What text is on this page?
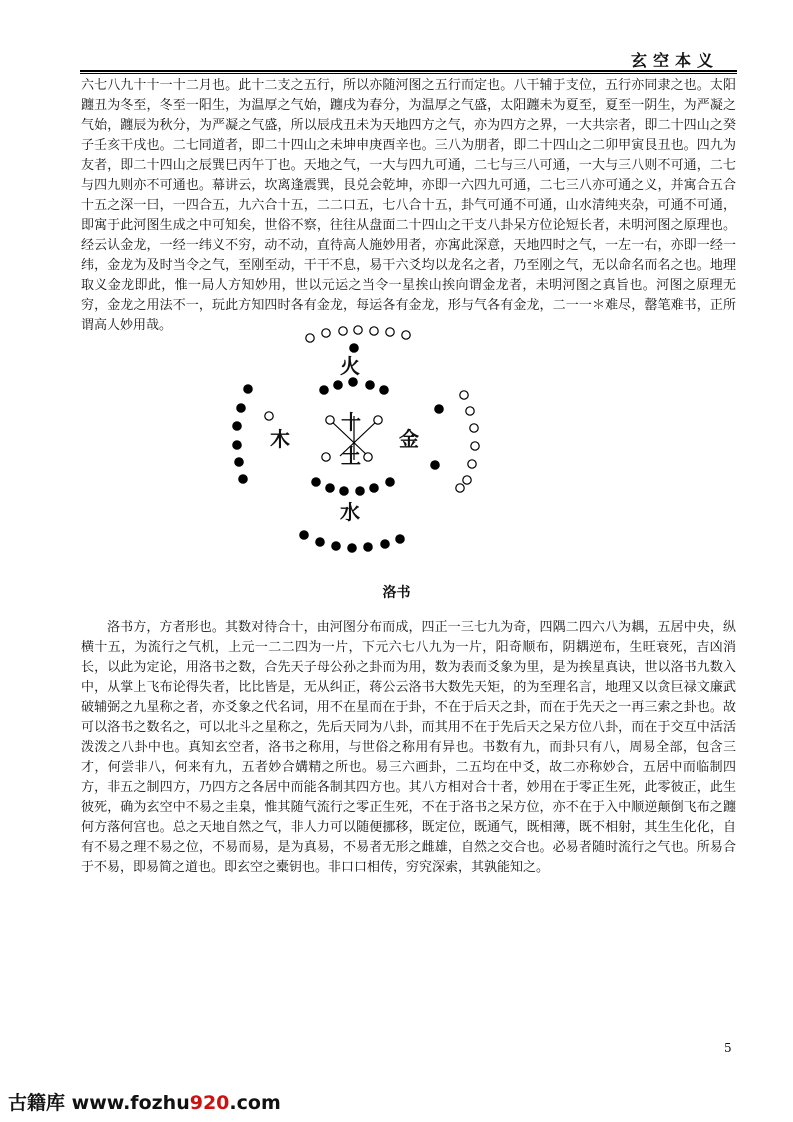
玄空本义
六七八九十十一十二月也。此十二支之五行，所以亦随河图之五行而定也。八干辅于支位，五行亦同隶之也。太阳躔丑为冬至，冬至一阳生，为温厚之气始，躔戌为春分，为温厚之气盛，太阳躔未为夏至，夏至一阴生，为严凝之气始，躔辰为秋分，为严凝之气盛，所以辰戌丑未为天地四方之气，亦为四方之界，一大共宗者，即二十四山之癸子壬亥干戌也。二七同道者，即二十四山之未坤申庚酉辛也。三八为朋者，即二十四山之二卯甲寅艮丑也。四九为友者，即二十四山之辰巽巳丙午丁也。天地之气，一大与四九可通，二七与三八可通，一大与三八则不可通，二七与四九则亦不可通也。幕讲云，坎离逢震巽，艮兑会乾坤，亦即一六四九可通，二七三八亦可通之义，并寓合五合十五之深一曰，一四合五，九六合十五，二二口五，七八合十五，卦气可通不可通，山水清纯夹杂，可通不可通，即寓于此河图生成之中可知矣，世俗不察，往往从盘面二十四山之干支八卦呆方位论短长者，未明河图之原理也。经云认金龙，一经一纬义不穷，动不动，直待高人施妙用者，亦寓此深意，天地四时之气，一左一右，亦即一经一纬，金龙为及时当令之气，至刚至动，干干不息，易干六爻均以龙名之者，乃至刚之气，无以命名而名之也。地理取义金龙即此，惟一局人方知妙用，世以元运之当令一星挨山挨向谓金龙者，未明河图之真旨也。河图之原理无穷，金龙之用法不一，玩此方知四时各有金龙，每运各有金龙，形与气各有金龙，二一一＊难尽，罄笔难书，正所谓高人妙用哉。
火
木	金
水
十
土
洛书
洛书方，方者形也。其数对待合十，由河图分布而成，四正一三七九为奇，四隅二四六八为耦，五居中央，纵横十五，为流行之气机，上元一二二四为一片，下元六七八九为一片，阳奇顺布，阴耦逆布，生旺衰死，吉凶消长，以此为定论，用洛书之数，合先天子母公孙之卦而为用，数为表而爻象为里，是为挨星真诀，世以洛书九数入中，从掌上飞布论得失者，比比皆是，无从纠正，蒋公云洛书大数先天矩，的为至理名言，地理又以贪巨禄文廉武破辅弼之九星称之者，亦爻象之代名词，用不在星而在于卦，不在于后天之卦，而在于先天之一再三索之卦也。故可以洛书之数名之，可以北斗之星称之，先后天同为八卦，而其用不在于先后天之呆方位八卦，而在于交互中活活泼泼之八卦中也。真知玄空者，洛书之称用，与世俗之称用有异也。书数有九，而卦只有八，周易全部，包含三才，何尝非八，何来有九，五者妙合媾精之所也。易三六画卦，二五均在中爻，故二亦称妙合，五居中而临制四方，非五之制四方，乃四方之各居中而能各制其四方也。其八方相对合十者，妙用在于零正生死，此零彼正，此生彼死，确为玄空中不易之圭臬，惟其随气流行之零正生死，不在于洛书之呆方位，亦不在于入中顺逆颠倒飞布之躔何方落何宫也。总之天地自然之气，非人力可以随便挪移，既定位，既通气，既相薄，既不相射，其生生化化，自有不易之理不易之位，不易而易，是为真易，不易者无形之雌雄，自然之交合也。必易者随时流行之气也。所易合于不易，即易简之道也。即玄空之橐钥也。非口口相传，穷究深索，其孰能知之。
5
古籍库 www.fozhu920.com
